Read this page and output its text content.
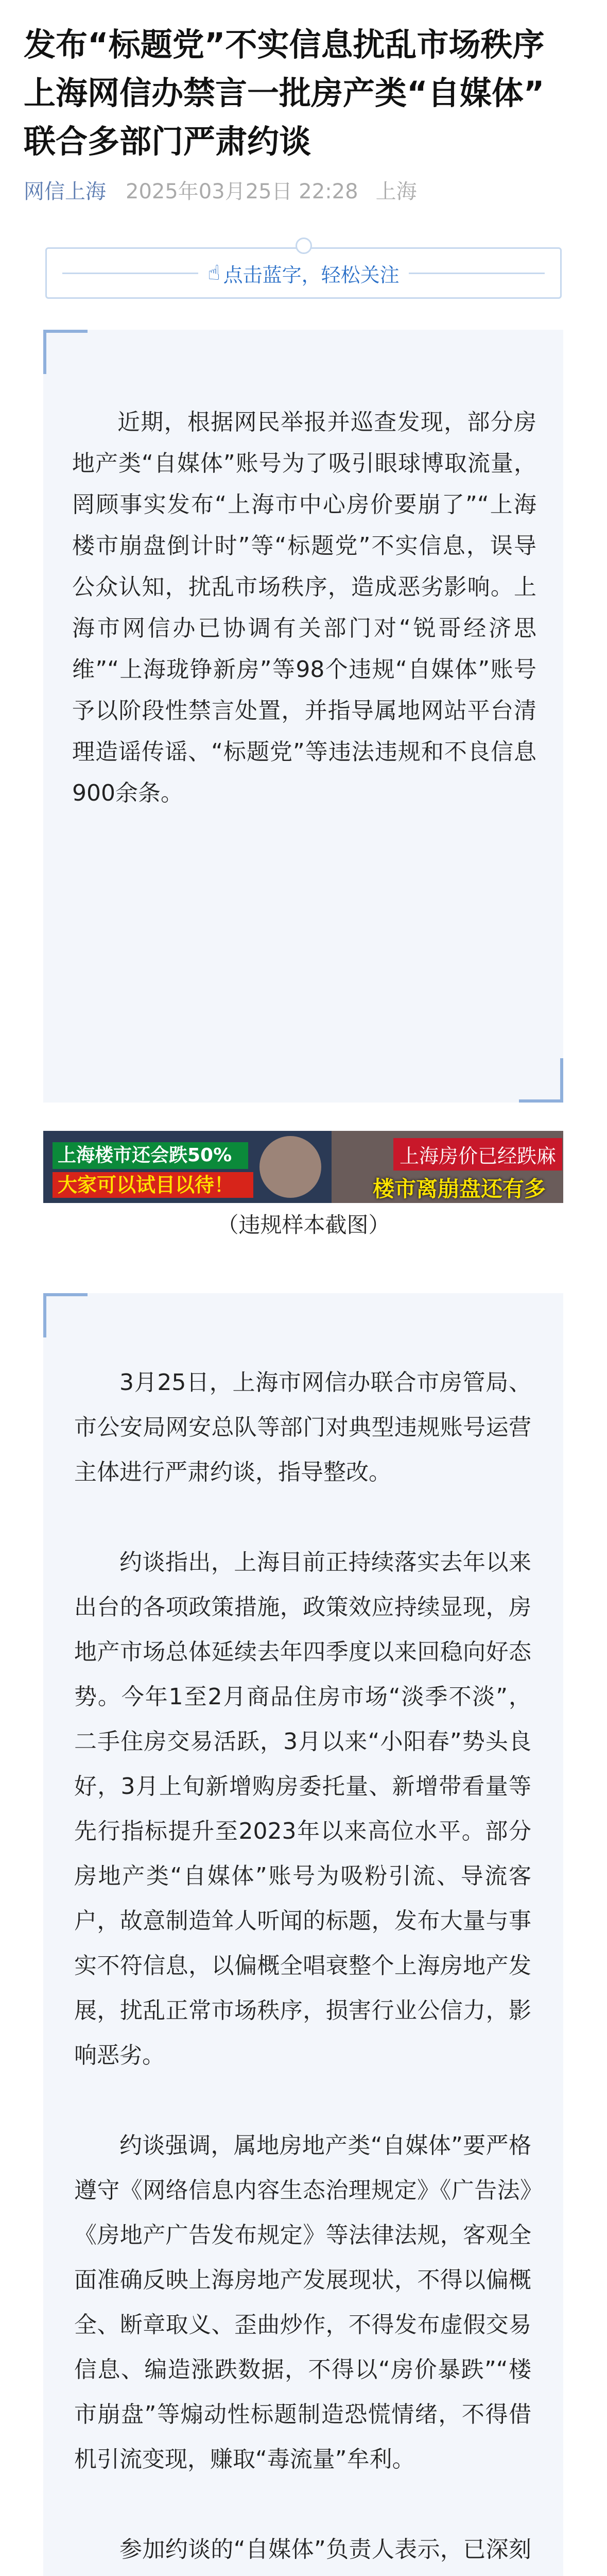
发布“标题党”不实信息扰乱市场秩序 上海网信办禁言一批房产类“自媒体” 联合多部门严肃约谈
网信上海 2025年03月25日 22:28 上海
☝ 点击蓝字，轻松关注

近期，根据网民举报并巡查发现，部分房地产类“自媒体”账号为了吸引眼球博取流量，罔顾事实发布“上海市中心房价要崩了”“上海楼市崩盘倒计时”等“标题党”不实信息，误导公众认知，扰乱市场秩序，造成恶劣影响。上海市网信办已协调有关部门对“锐哥经济思维”“上海珑铮新房”等98个违规“自媒体”账号予以阶段性禁言处置，并指导属地网站平台清理造谣传谣、“标题党”等违法违规和不良信息900余条。

上海楼市还会跌50%
大家可以试目以待！
上海房价已经跌麻
楼市离崩盘还有多
（违规样本截图）

3月25日，上海市网信办联合市房管局、市公安局网安总队等部门对典型违规账号运营主体进行严肃约谈，指导整改。

约谈指出，上海目前正持续落实去年以来出台的各项政策措施，政策效应持续显现，房地产市场总体延续去年四季度以来回稳向好态势。今年1至2月商品住房市场“淡季不淡”，二手住房交易活跃，3月以来“小阳春”势头良好，3月上旬新增购房委托量、新增带看量等先行指标提升至2023年以来高位水平。部分房地产类“自媒体”账号为吸粉引流、导流客户，故意制造耸人听闻的标题，发布大量与事实不符信息，以偏概全唱衰整个上海房地产发展，扰乱正常市场秩序，损害行业公信力，影响恶劣。

约谈强调，属地房地产类“自媒体”要严格遵守《网络信息内容生态治理规定》《广告法》《房地产广告发布规定》等法律法规，客观全面准确反映上海房地产发展现状，不得以偏概全、断章取义、歪曲炒作，不得发布虚假交易信息、编造涨跌数据，不得以“房价暴跌”“楼市崩盘”等煽动性标题制造恐慌情绪，不得借机引流变现，赚取“毒流量”牟利。

参加约谈的“自媒体”负责人表示，已深刻
